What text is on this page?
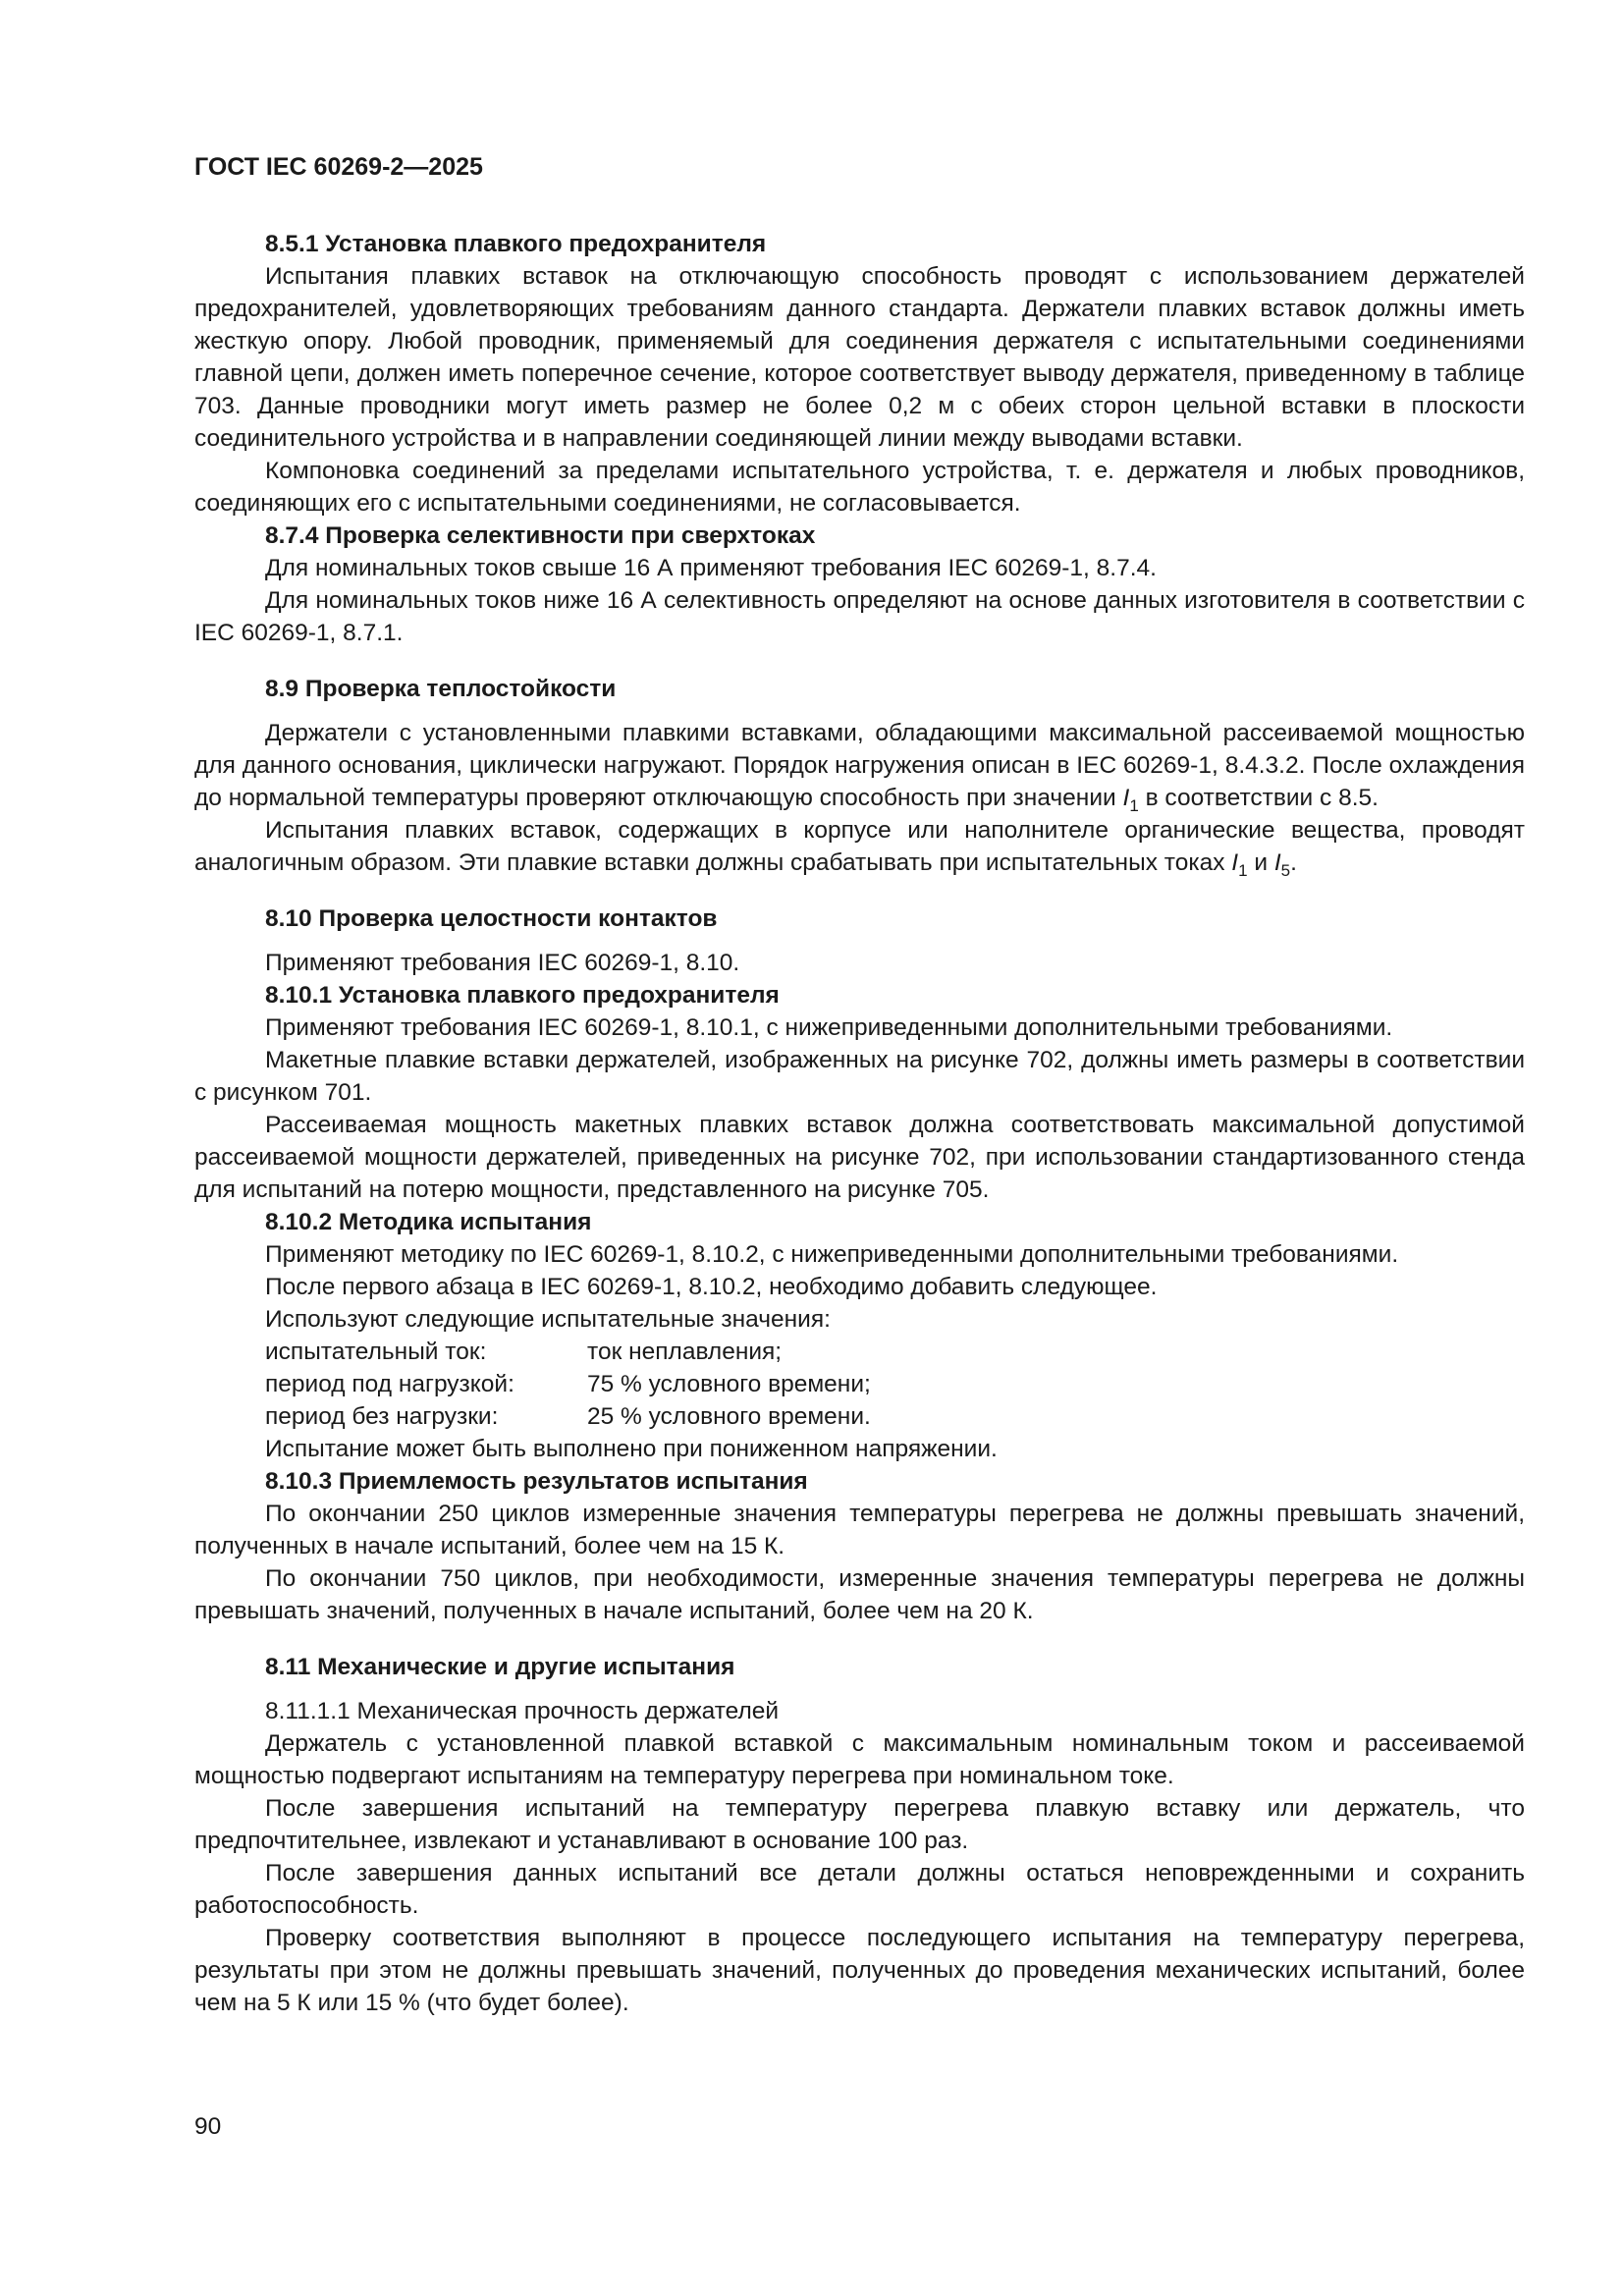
ГОСТ IEC 60269-2—2025

8.5.1 Установка плавкого предохранителя

Испытания плавких вставок на отключающую способность проводят с использованием держателей предохранителей, удовлетворяющих требованиям данного стандарта. Держатели плавких вставок должны иметь жесткую опору. Любой проводник, применяемый для соединения держателя с испытательными соединениями главной цепи, должен иметь поперечное сечение, которое соответствует выводу держателя, приведенному в таблице 703. Данные проводники могут иметь размер не более 0,2 м с обеих сторон цельной вставки в плоскости соединительного устройства и в направлении соединяющей линии между выводами вставки.

Компоновка соединений за пределами испытательного устройства, т. е. держателя и любых проводников, соединяющих его с испытательными соединениями, не согласовывается.

8.7.4 Проверка селективности при сверхтоках

Для номинальных токов свыше 16 А применяют требования IEC 60269-1, 8.7.4.

Для номинальных токов ниже 16 А селективность определяют на основе данных изготовителя в соответствии с IEC 60269-1, 8.7.1.

8.9 Проверка теплостойкости

Держатели с установленными плавкими вставками, обладающими максимальной рассеиваемой мощностью для данного основания, циклически нагружают. Порядок нагружения описан в IEC 60269-1, 8.4.3.2. После охлаждения до нормальной температуры проверяют отключающую способность при значении $I_1$ в соответствии с 8.5.

Испытания плавких вставок, содержащих в корпусе или наполнителе органические вещества, проводят аналогичным образом. Эти плавкие вставки должны срабатывать при испытательных токах $I_1$ и $I_5$.

8.10 Проверка целостности контактов

Применяют требования IEC 60269-1, 8.10.

8.10.1 Установка плавкого предохранителя

Применяют требования IEC 60269-1, 8.10.1, с нижеприведенными дополнительными требованиями.

Макетные плавкие вставки держателей, изображенных на рисунке 702, должны иметь размеры в соответствии с рисунком 701.

Рассеиваемая мощность макетных плавких вставок должна соответствовать максимальной допустимой рассеиваемой мощности держателей, приведенных на рисунке 702, при использовании стандартизованного стенда для испытаний на потерю мощности, представленного на рисунке 705.

8.10.2 Методика испытания

Применяют методику по IEC 60269-1, 8.10.2, с нижеприведенными дополнительными требованиями.

После первого абзаца в IEC 60269-1, 8.10.2, необходимо добавить следующее.

Используют следующие испытательные значения:

испытательный ток:	ток неплавления;
период под нагрузкой:	75 % условного времени;
период без нагрузки:	25 % условного времени.

Испытание может быть выполнено при пониженном напряжении.

8.10.3 Приемлемость результатов испытания

По окончании 250 циклов измеренные значения температуры перегрева не должны превышать значений, полученных в начале испытаний, более чем на 15 К.

По окончании 750 циклов, при необходимости, измеренные значения температуры перегрева не должны превышать значений, полученных в начале испытаний, более чем на 20 К.

8.11 Механические и другие испытания

8.11.1.1 Механическая прочность держателей

Держатель с установленной плавкой вставкой с максимальным номинальным током и рассеиваемой мощностью подвергают испытаниям на температуру перегрева при номинальном токе.

После завершения испытаний на температуру перегрева плавкую вставку или держатель, что предпочтительнее, извлекают и устанавливают в основание 100 раз.

После завершения данных испытаний все детали должны остаться неповрежденными и сохранить работоспособность.

Проверку соответствия выполняют в процессе последующего испытания на температуру перегрева, результаты при этом не должны превышать значений, полученных до проведения механических испытаний, более чем на 5 К или 15 % (что будет более).

90
